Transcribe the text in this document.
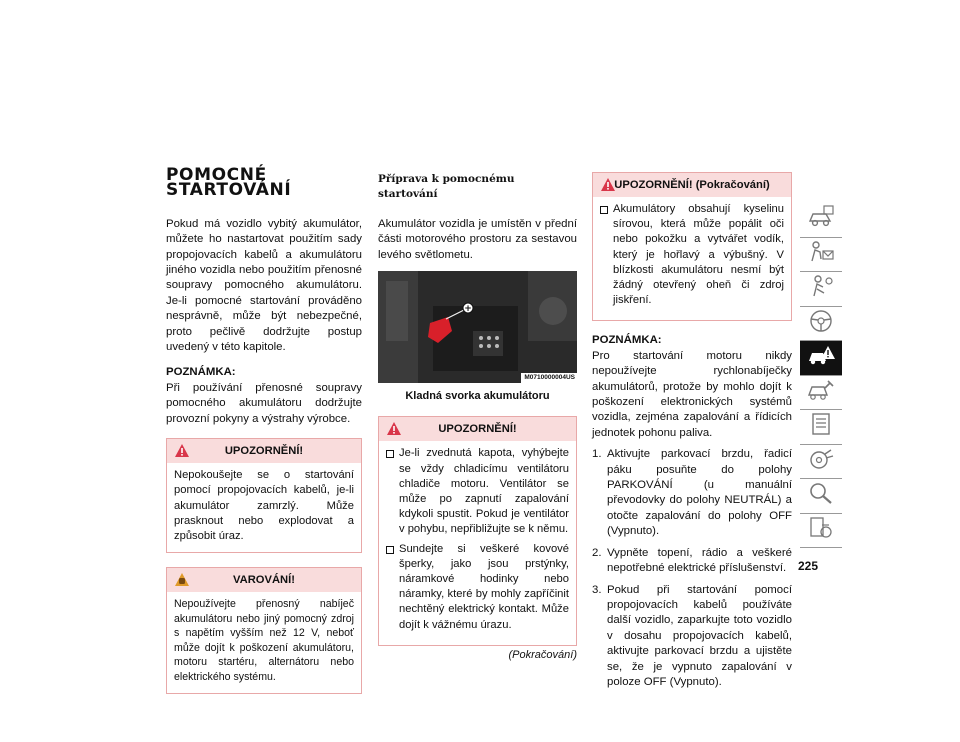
POMOCNÉ STARTOVÁNÍ

Pokud má vozidlo vybitý akumulátor, můžete ho nastartovat použitím sady propojovacích kabelů a akumulátoru jiného vozidla nebo použitím přenosné soupravy pomocného akumulátoru. Je-li pomocné startování prováděno nesprávně, může být nebezpečné, proto pečlivě dodržujte postup uvedený v této kapitole.

POZNÁMKA:

Při používání přenosné soupravy pomocného akumulátoru dodržujte provozní pokyny a výstrahy výrobce.

UPOZORNĚNÍ!
Nepokoušejte se o startování pomocí propojovacích kabelů, je-li akumulátor zamrzlý. Může prasknout nebo explodovat a způsobit úraz.
VAROVÁNÍ!
Nepoužívejte přenosný nabíječ akumulátoru nebo jiný pomocný zdroj s napětím vyšším než 12 V, neboť může dojít k poškození akumulátoru, motoru startéru, alternátoru nebo elektrického systému.
Příprava k pomocnému startování

Akumulátor vozidla je umístěn v přední části motorového prostoru za sestavou levého světlometu.

+
M0710000004US
Kladná svorka akumulátoru
UPOZORNĚNÍ!
Je-li zvednutá kapota, vyhýbejte se vždy chladicímu ventilátoru chladiče motoru. Ventilátor se může po zapnutí zapalování kdykoli spustit. Pokud je ventilátor v pohybu, nepřibližujte se k němu.
Sundejte si veškeré kovové šperky, jako jsou prstýnky, náramkové hodinky nebo náramky, které by mohly zapříčinit nechtěný elektrický kontakt. Může dojít k vážnému úrazu.
(Pokračování)
UPOZORNĚNÍ! (Pokračování)
Akumulátory obsahují kyselinu sírovou, která může popálit oči nebo pokožku a vytvářet vodík, který je hořlavý a výbušný. V blízkosti akumulátoru nesmí být žádný otevřený oheň či zdroj jiskření.
POZNÁMKA:

Pro startování motoru nikdy nepoužívejte rychlonabíječky akumulátorů, protože by mohlo dojít k poškození elektronických systémů vozidla, zejména zapalování a řídicích jednotek pohonu paliva.

1. Aktivujte parkovací brzdu, řadicí páku posuňte do polohy PARKOVÁNÍ (u manuální převodovky do polohy NEUTRÁL) a otočte zapalování do polohy OFF (Vypnuto).
2. Vypněte topení, rádio a veškeré nepotřebné elektrické příslušenství.
3. Pokud při startování pomocí propojovacích kabelů používáte další vozidlo, zaparkujte toto vozidlo v dosahu propojovacích kabelů, aktivujte parkovací brzdu a ujistěte se, že je vypnuto zapalování v poloze OFF (Vypnuto).
225
